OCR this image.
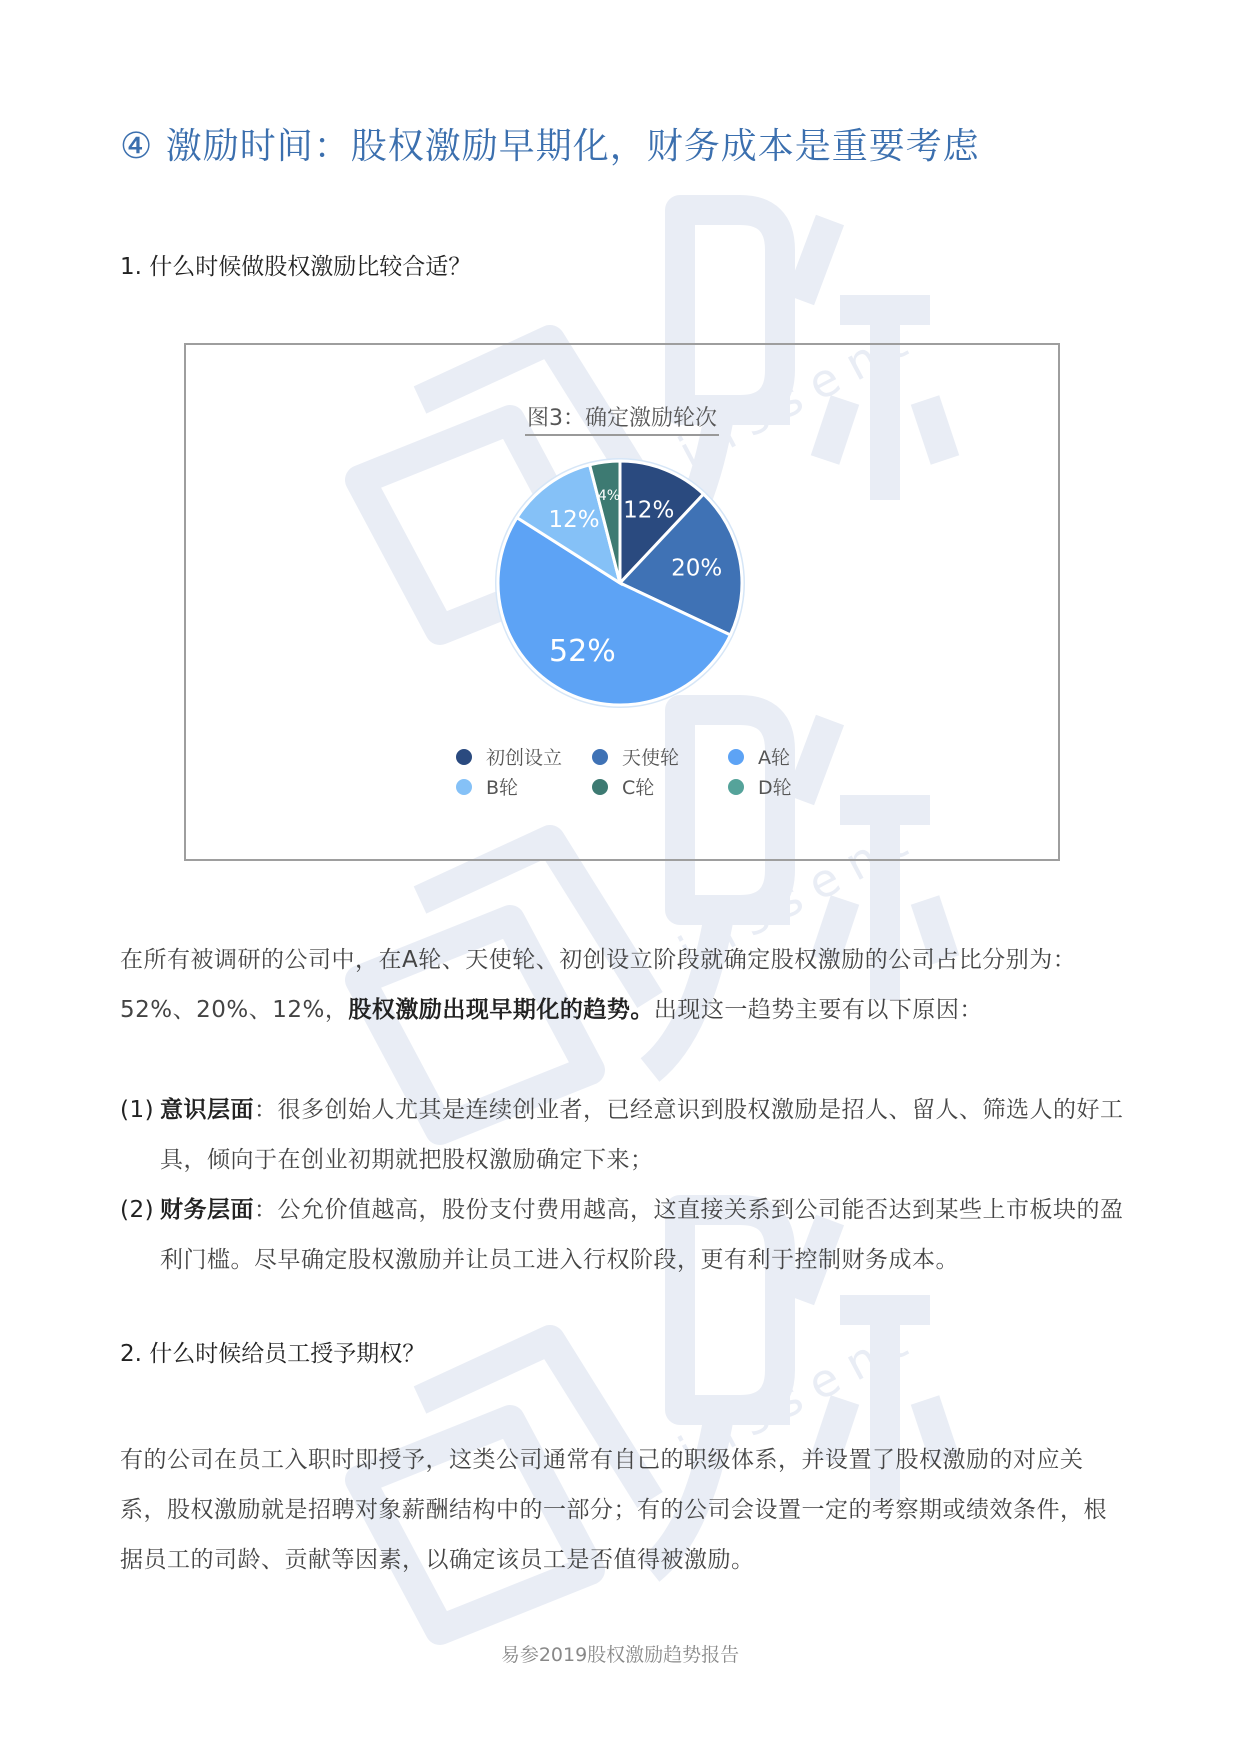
inssent
inssent
inssent
④ 激励时间：股权激励早期化，财务成本是重要考虑
1. 什么时候做股权激励比较合适？
图3：确定激励轮次
12%
20%
52%
12%
4%
初创设立	天使轮	A轮
B轮	C轮	D轮

在所有被调研的公司中，在A轮、天使轮、初创设立阶段就确定股权激励的公司占比分别为：52%、20%、12%，股权激励出现早期化的趋势。出现这一趋势主要有以下原因：

(1) 意识层面：很多创始人尤其是连续创业者，已经意识到股权激励是招人、留人、筛选人的好工具，倾向于在创业初期就把股权激励确定下来；
(2) 财务层面：公允价值越高，股份支付费用越高，这直接关系到公司能否达到某些上市板块的盈利门槛。尽早确定股权激励并让员工进入行权阶段，更有利于控制财务成本。
2. 什么时候给员工授予期权？

有的公司在员工入职时即授予，这类公司通常有自己的职级体系，并设置了股权激励的对应关系，股权激励就是招聘对象薪酬结构中的一部分；有的公司会设置一定的考察期或绩效条件，根据员工的司龄、贡献等因素，以确定该员工是否值得被激励。

易参2019股权激励趋势报告
